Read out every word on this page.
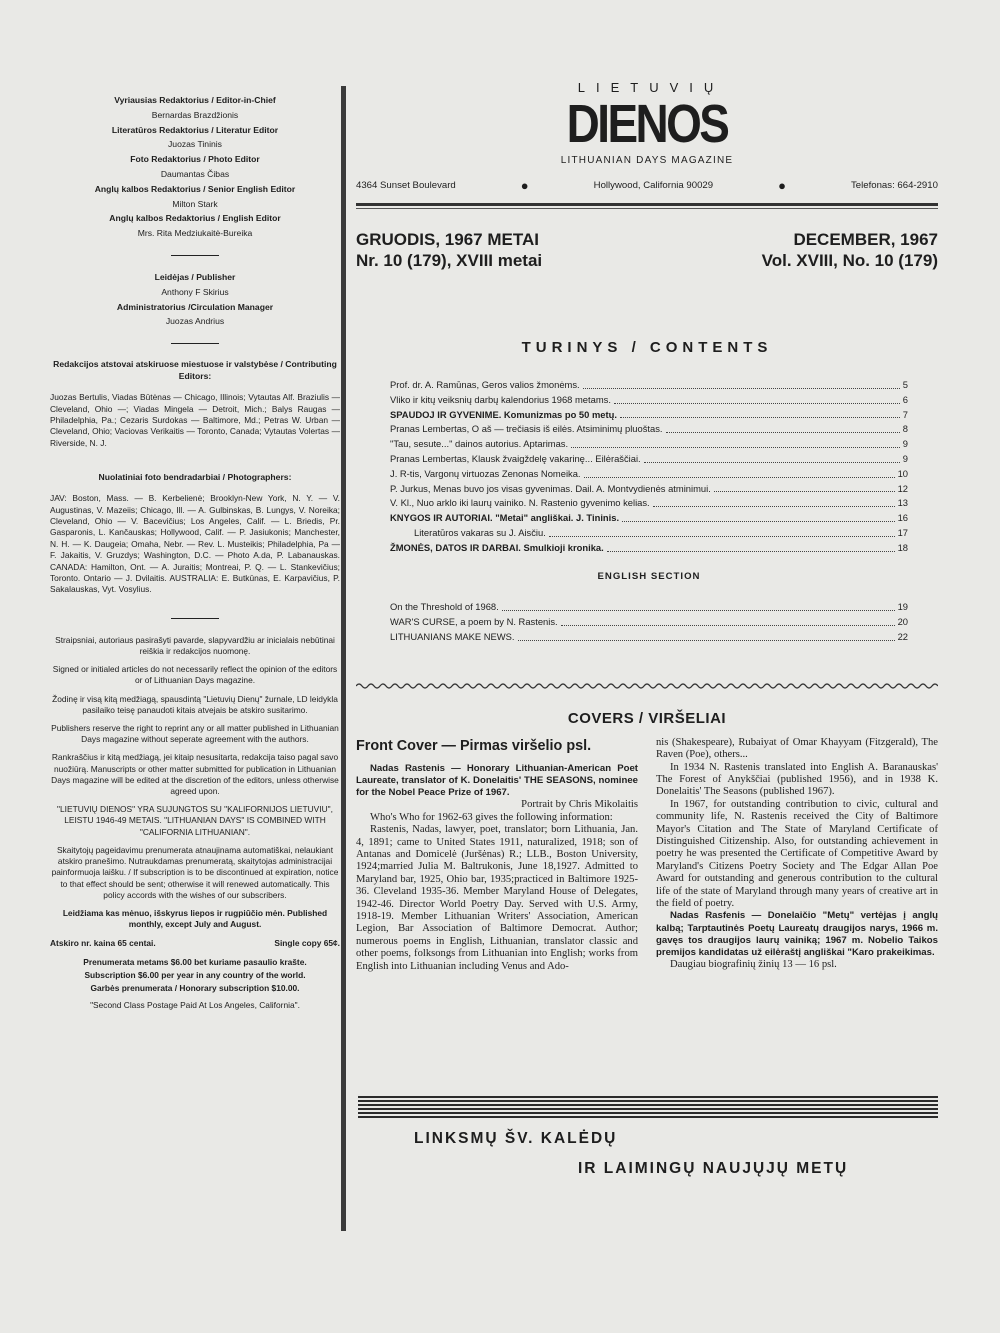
Vyriausias Redaktorius / Editor-in-Chief
Bernardas Brazdžionis
Literatūros Redaktorius / Literatur Editor
Juozas Tininis
Foto Redaktorius / Photo Editor
Daumantas Čibas
Anglų kalbos Redaktorius / Senior English Editor
Milton Stark
Anglų kalbos Redaktorius / English Editor
Mrs. Rita Medziukaitė-Bureika
Leidėjas / Publisher
Anthony F Skirius
Administratorius /Circulation Manager
Juozas Andrius
Redakcijos atstovai atskiruose miestuose ir valstybėse / Contributing Editors:

Juozas Bertulis, Viadas Būtėnas — Chicago, Illinois; Vytautas Alf. Braziulis — Cleveland, Ohio —; Viadas Mingela — Detroit, Mich.; Balys Raugas — Philadelphia, Pa.; Cezaris Surdokas — Baltimore, Md.; Petras W. Urban — Cleveland, Ohio; Vaciovas Verikaitis — Toronto, Canada; Vytautas Volertas — Riverside, N. J.

Nuolatiniai foto bendradarbiai / Photographers:

JAV: Boston, Mass. — B. Kerbelienė; Brooklyn-New York, N. Y. — V. Augustinas, V. Mazeiis; Chicago, Ill. — A. Gulbinskas, B. Lungys, V. Noreika; Cleveland, Ohio — V. Bacevičius; Los Angeles, Calif. — L. Briedis, Pr. Gasparonis, L. Kančauskas; Hollywood, Calif. — P. Jasiukonis; Manchester, N. H. — K. Daugeia; Omaha, Nebr. — Rev. L. Musteikis; Philadelphia, Pa — F. Jakaitis, V. Gruzdys; Washington, D.C. — Photo A.da, P. Labanauskas. CANADA: Hamilton, Ont. — A. Juraitis; Montreai, P. Q. — L. Stankevičius; Toronto. Ontario — J. Dvilaitis. AUSTRALIA: E. Butkūnas, E. Karpavičius, P. Sakalauskas, Vyt. Vosylius.

Straipsniai, autoriaus pasirašyti pavarde, slapyvardžiu ar inicialais nebūtinai reiškia ir redakcijos nuomonę.

Signed or initialed articles do not necessarily reflect the opinion of the editors or of Lithuanian Days magazine.

Žodinę ir visą kitą medžiagą, spausdintą "Lietuvių Dienų" žurnale, LD leidykla pasilaiko teisę panaudoti kitais atvejais be atskiro susitarimo.

Publishers reserve the right to reprint any or all matter published in Lithuanian Days magazine without seperate agreement with the authors.

Rankraščius ir kitą medžiagą, jei kitaip nesusitarta, redakcija taiso pagal savo nuožiūrą. Manuscripts or other matter submitted for publication in Lithuanian Days magazine will be edited at the discretion of the editors, unless otherwise agreed upon.

"LIETUVIŲ DIENOS" YRA SUJUNGTOS SU "KALIFORNIJOS LIETUVIU", LEISTU 1946-49 METAIS. "LITHUANIAN DAYS" IS COMBINED WITH "CALIFORNIA LITHUANIAN".

Skaitytojų pageidavimu prenumerata atnaujinama automatiškai, nelaukiant atskiro pranešimo. Nutraukdamas prenumeratą, skaitytojas administracijai painformuoja laišku. / If subscription is to be discontinued at expiration, notice to that effect should be sent; otherwise it will renewed automatically. This policy accords with the wishes of our subscribers.

Leidžiama kas mėnuo, išskyrus liepos ir rugpiūčio mėn. Published monthly, except July and August.

Atskiro nr. kaina 65 centai.	Single copy 65¢.
Prenumerata metams $6.00 bet kuriame pasaulio krašte.
Subscription $6.00 per year in any country of the world.
Garbės prenumerata / Honorary subscription $10.00.
"Second Class Postage Paid At Los Angeles, California".
LIETUVIŲ
DIENOS
LITHUANIAN DAYS MAGAZINE
4364 Sunset Boulevard	●	Hollywood, California 90029	●	Telefonas: 664-2910
GRUODIS, 1967 METAI
Nr. 10 (179), XVIII metai
DECEMBER, 1967
Vol. XVIII, No. 10 (179)
TURINYS / CONTENTS
Prof. dr. A. Ramūnas, Geros valios žmonėms.	5
Vliko ir kitų veiksnių darbų kalendorius 1968 metams.	6
SPAUDOJ IR GYVENIME. Komunizmas po 50 metų.	7
Pranas Lembertas, O aš — trečiasis iš eilės. Atsiminimų pluoštas.	8
"Tau, sesute..." dainos autorius. Aptarimas.	9
Pranas Lembertas, Klausk žvaigždelę vakarinę... Eilėraščiai.	9
J. R-tis, Vargonų virtuozas Zenonas Nomeika.	10
P. Jurkus, Menas buvo jos visas gyvenimas. Dail. A. Montvydienės atminimui.	12
V. Kl., Nuo arklo iki laurų vainiko. N. Rastenio gyvenimo kelias.	13
KNYGOS IR AUTORIAI. "Metai" angliškai. J. Tininis.	16
Literatūros vakaras su J. Aisčiu.	17
ŽMONĖS, DATOS IR DARBAI. Smulkioji kronika.	18
ENGLISH SECTION
On the Threshold of 1968.	19
WAR'S CURSE, a poem by N. Rastenis.	20
LITHUANIANS MAKE NEWS.	22
COVERS / VIRŠELIAI
Front Cover — Pirmas viršelio psl.

Nadas Rastenis — Honorary Lithuanian-American Poet Laureate, translator of K. Donelaitis' THE SEASONS, nominee for the Nobel Peace Prize of 1967.

Portrait by Chris Mikolaitis

Who's Who for 1962-63 gives the following information:

Rastenis, Nadas, lawyer, poet, translator; born Lithuania, Jan. 4, 1891; came to United States 1911, naturalized, 1918; son of Antanas and Domicelė (Juršėnas) R.; LLB., Boston University, 1924;married Julia M. Baltrukonis, June 18,1927. Admitted to Maryland bar, 1925, Ohio bar, 1935;practiced in Baltimore 1925-36. Cleveland 1935-36. Member Maryland House of Delegates, 1942-46. Director World Poetry Day. Served with U.S. Army, 1918-19. Member Lithuanian Writers' Association, American Legion, Bar Association of Baltimore Democrat. Author; numerous poems in English, Lithuanian, translator classic and other poems, folksongs from Lithuanian into English; works from English into Lithuanian including Venus and Ado-

nis (Shakespeare), Rubaiyat of Omar Khayyam (Fitzgerald), The Raven (Poe), others...

In 1934 N. Rastenis translated into English A. Baranauskas' The Forest of Anykščiai (published 1956), and in 1938 K. Donelaitis' The Seasons (published 1967).

In 1967, for outstanding contribution to civic, cultural and community life, N. Rastenis received the City of Baltimore Mayor's Citation and The State of Maryland Certificate of Distinguished Citizenship. Also, for outstanding achievement in poetry he was presented the Certificate of Competitive Award by Maryland's Citizens Poetry Society and The Edgar Allan Poe Award for outstanding and generous contribution to the cultural life of the state of Maryland through many years of creative art in the field of poetry.

Nadas Rasfenis — Donelaičio "Metų" vertėjas į anglų kalbą; Tarptautinės Poetų Laureatų draugijos narys, 1966 m. gavęs tos draugijos laurų vainiką; 1967 m. Nobelio Taikos premijos kandidatas už eilėraštį angliškai "Karo prakeikimas.

Daugiau biografinių žinių 13 — 16 psl.

LINKSMŲ ŠV. KALĖDŲ
IR LAIMINGŲ NAUJŲJŲ METŲ
